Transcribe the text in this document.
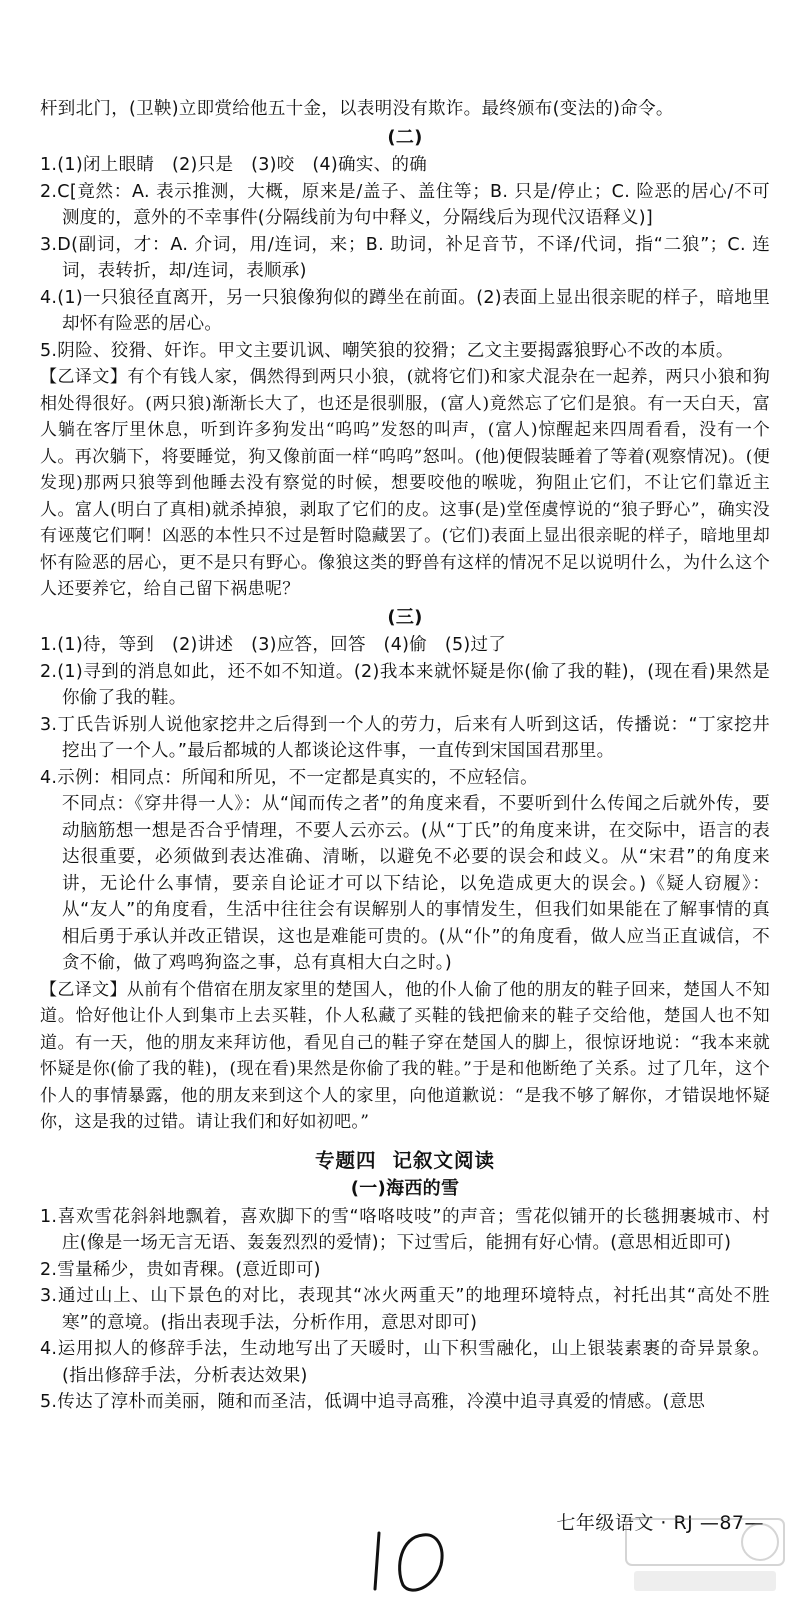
杆到北门，(卫鞅)立即赏给他五十金，以表明没有欺诈。最终颁布(变法的)命令。

(二)

1.(1)闭上眼睛　(2)只是　(3)咬　(4)确实、的确

2.C[竟然：A. 表示推测，大概，原来是/盖子、盖住等；B. 只是/停止；C. 险恶的居心/不可测度的，意外的不幸事件(分隔线前为句中释义，分隔线后为现代汉语释义)]

3.D(副词，才：A. 介词，用/连词，来；B. 助词，补足音节，不译/代词，指“二狼”；C. 连词，表转折，却/连词，表顺承)

4.(1)一只狼径直离开，另一只狼像狗似的蹲坐在前面。(2)表面上显出很亲昵的样子，暗地里却怀有险恶的居心。

5.阴险、狡猾、奸诈。甲文主要讥讽、嘲笑狼的狡猾；乙文主要揭露狼野心不改的本质。

【乙译文】有个有钱人家，偶然得到两只小狼，(就将它们)和家犬混杂在一起养，两只小狼和狗相处得很好。(两只狼)渐渐长大了，也还是很驯服，(富人)竟然忘了它们是狼。有一天白天，富人躺在客厅里休息，听到许多狗发出“呜呜”发怒的叫声，(富人)惊醒起来四周看看，没有一个人。再次躺下，将要睡觉，狗又像前面一样“呜呜”怒叫。(他)便假装睡着了等着(观察情况)。(便发现)那两只狼等到他睡去没有察觉的时候，想要咬他的喉咙，狗阻止它们，不让它们靠近主人。富人(明白了真相)就杀掉狼，剥取了它们的皮。这事(是)堂侄虞惇说的“狼子野心”，确实没有诬蔑它们啊！凶恶的本性只不过是暂时隐藏罢了。(它们)表面上显出很亲昵的样子，暗地里却怀有险恶的居心，更不是只有野心。像狼这类的野兽有这样的情况不足以说明什么，为什么这个人还要养它，给自己留下祸患呢？

(三)

1.(1)待，等到　(2)讲述　(3)应答，回答　(4)偷　(5)过了

2.(1)寻到的消息如此，还不如不知道。(2)我本来就怀疑是你(偷了我的鞋)，(现在看)果然是你偷了我的鞋。

3.丁氏告诉别人说他家挖井之后得到一个人的劳力，后来有人听到这话，传播说：“丁家挖井挖出了一个人。”最后都城的人都谈论这件事，一直传到宋国国君那里。

4.示例：相同点：所闻和所见，不一定都是真实的，不应轻信。

不同点：《穿井得一人》：从“闻而传之者”的角度来看，不要听到什么传闻之后就外传，要动脑筋想一想是否合乎情理，不要人云亦云。(从“丁氏”的角度来讲，在交际中，语言的表达很重要，必须做到表达准确、清晰，以避免不必要的误会和歧义。从“宋君”的角度来讲，无论什么事情，要亲自论证才可以下结论，以免造成更大的误会。)《疑人窃履》：从“友人”的角度看，生活中往往会有误解别人的事情发生，但我们如果能在了解事情的真相后勇于承认并改正错误，这也是难能可贵的。(从“仆”的角度看，做人应当正直诚信，不贪不偷，做了鸡鸣狗盗之事，总有真相大白之时。)

【乙译文】从前有个借宿在朋友家里的楚国人，他的仆人偷了他的朋友的鞋子回来，楚国人不知道。恰好他让仆人到集市上去买鞋，仆人私藏了买鞋的钱把偷来的鞋子交给他，楚国人也不知道。有一天，他的朋友来拜访他，看见自己的鞋子穿在楚国人的脚上，很惊讶地说：“我本来就怀疑是你(偷了我的鞋)，(现在看)果然是你偷了我的鞋。”于是和他断绝了关系。过了几年，这个仆人的事情暴露，他的朋友来到这个人的家里，向他道歉说：“是我不够了解你，才错误地怀疑你，这是我的过错。请让我们和好如初吧。”

专题四 记叙文阅读

(一)海西的雪

1.喜欢雪花斜斜地飘着，喜欢脚下的雪“咯咯吱吱”的声音；雪花似铺开的长毯拥裹城市、村庄(像是一场无言无语、轰轰烈烈的爱情)；下过雪后，能拥有好心情。(意思相近即可)

2.雪量稀少，贵如青稞。(意近即可)

3.通过山上、山下景色的对比，表现其“冰火两重天”的地理环境特点，衬托出其“高处不胜寒”的意境。(指出表现手法，分析作用，意思对即可)

4.运用拟人的修辞手法，生动地写出了天暖时，山下积雪融化，山上银装素裹的奇异景象。(指出修辞手法，分析表达效果)

5.传达了淳朴而美丽，随和而圣洁，低调中追寻高雅，冷漠中追寻真爱的情感。(意思

七年级语文 · RJ —87—
